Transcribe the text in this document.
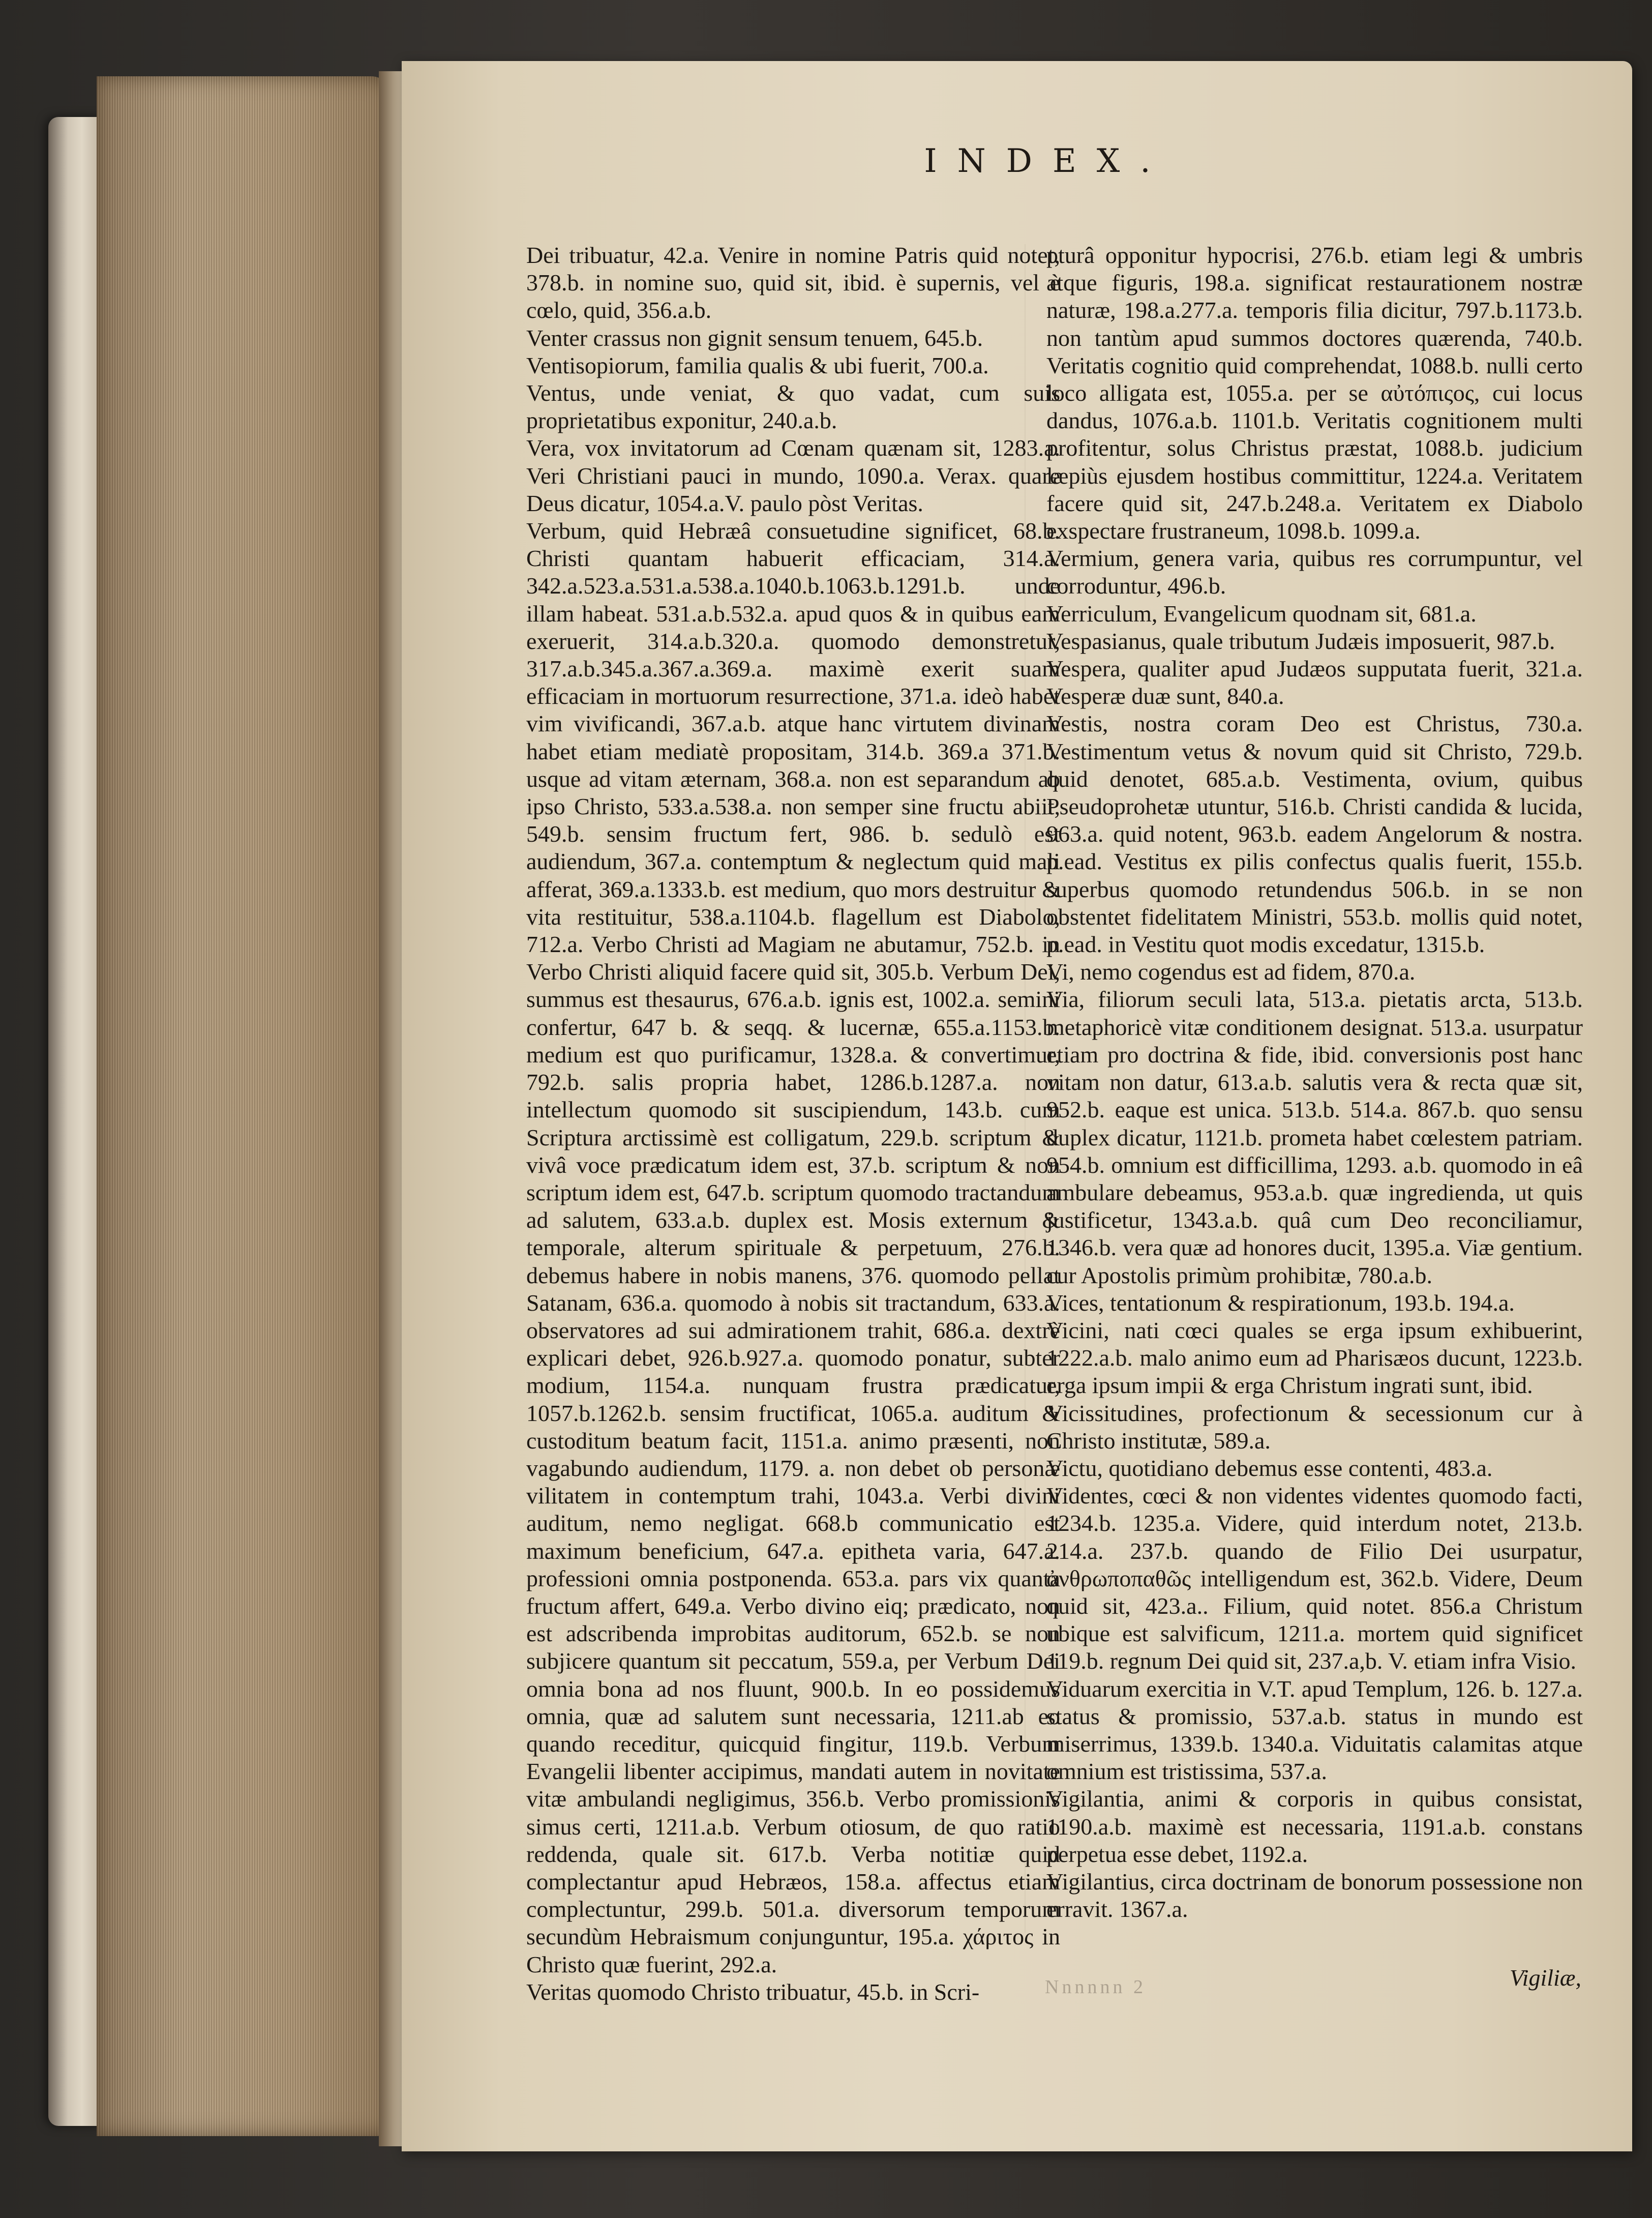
INDEX.

Dei tribuatur, 42.a. Venire in nomine Patris quid notet, 378.b. in nomine suo, quid sit, ibid. è supernis, vel è cœlo, quid, 356.a.b.

Venter crassus non gignit sensum tenuem, 645.b.

Ventisopiorum, familia qualis & ubi fuerit, 700.a.

Ventus, unde veniat, & quo vadat, cum suis proprietatibus exponitur, 240.a.b.

Vera, vox invitatorum ad Cœnam quænam sit, 1283.a. Veri Christiani pauci in mundo, 1090.a. Verax. quare Deus dicatur, 1054.a.V. paulo pòst Veritas.

Verbum, quid Hebræâ consuetudine significet, 68.b. Christi quantam habuerit efficaciam, 314.a. 342.a.523.a.531.a.538.a.1040.b.1063.b.1291.b. unde illam habeat. 531.a.b.532.a. apud quos & in quibus eam exeruerit, 314.a.b.320.a. quomodo demonstretur, 317.a.b.345.a.367.a.369.a. maximè exerit suam efficaciam in mortuorum resurrectione, 371.a. ideò habet vim vivificandi, 367.a.b. atque hanc virtutem divinam habet etiam mediatè propositam, 314.b. 369.a 371.b. usque ad vitam æternam, 368.a. non est separandum ab ipso Christo, 533.a.538.a. non semper sine fructu abiit, 549.b. sensim fructum fert, 986. b. sedulò est audiendum, 367.a. contemptum & neglectum quid mali afferat, 369.a.1333.b. est medium, quo mors destruitur & vita restituitur, 538.a.1104.b. flagellum est Diabolo, 712.a. Verbo Christi ad Magiam ne abutamur, 752.b. in Verbo Christi aliquid facere quid sit, 305.b. Verbum Dei, summus est thesaurus, 676.a.b. ignis est, 1002.a. semini confertur, 647 b. & seqq. & lucernæ, 655.a.1153.b. medium est quo purificamur, 1328.a. & convertimur, 792.b. salis propria habet, 1286.b.1287.a. non intellectum quomodo sit suscipiendum, 143.b. cum Scriptura arctissimè est colligatum, 229.b. scriptum & vivâ voce prædicatum idem est, 37.b. scriptum & non scriptum idem est, 647.b. scriptum quomodo tractandum ad salutem, 633.a.b. duplex est. Mosis externum & temporale, alterum spirituale & perpetuum, 276.b. debemus habere in nobis manens, 376. quomodo pellat Satanam, 636.a. quomodo à nobis sit tractandum, 633.a. observatores ad sui admirationem trahit, 686.a. dextrè explicari debet, 926.b.927.a. quomodo ponatur, subter modium, 1154.a. nunquam frustra prædicatur, 1057.b.1262.b. sensim fructificat, 1065.a. auditum & custoditum beatum facit, 1151.a. animo præsenti, non vagabundo audiendum, 1179. a. non debet ob personæ vilitatem in contemptum trahi, 1043.a. Verbi divini auditum, nemo negligat. 668.b communicatio est maximum beneficium, 647.a. epitheta varia, 647.a. professioni omnia postponenda. 653.a. pars vix quanta fructum affert, 649.a. Verbo divino eiq; prædicato, non est adscribenda improbitas auditorum, 652.b. se non subjicere quantum sit peccatum, 559.a, per Verbum Dei omnia bona ad nos fluunt, 900.b. In eo possidemus omnia, quæ ad salutem sunt necessaria, 1211.ab eo quando receditur, quicquid fingitur, 119.b. Verbum Evangelii libenter accipimus, mandati autem in novitate vitæ ambulandi negligimus, 356.b. Verbo promissionis simus certi, 1211.a.b. Verbum otiosum, de quo ratio reddenda, quale sit. 617.b. Verba notitiæ quid complectantur apud Hebræos, 158.a. affectus etiam complectuntur, 299.b. 501.a. diversorum temporum secundùm Hebraismum conjunguntur, 195.a. χάριτος in Christo quæ fuerint, 292.a.

Veritas quomodo Christo tribuatur, 45.b. in Scri-

pturâ opponitur hypocrisi, 276.b. etiam legi & umbris atque figuris, 198.a. significat restaurationem nostræ naturæ, 198.a.277.a. temporis filia dicitur, 797.b.1173.b. non tantùm apud summos doctores quærenda, 740.b. Veritatis cognitio quid comprehendat, 1088.b. nulli certo loco alligata est, 1055.a. per se αὐτόπιςος, cui locus dandus, 1076.a.b. 1101.b. Veritatis cognitionem multi profitentur, solus Christus præstat, 1088.b. judicium læpiùs ejusdem hostibus committitur, 1224.a. Veritatem facere quid sit, 247.b.248.a. Veritatem ex Diabolo exspectare frustraneum, 1098.b. 1099.a.

Vermium, genera varia, quibus res corrumpuntur, vel corroduntur, 496.b.

Verriculum, Evangelicum quodnam sit, 681.a.

Vespasianus, quale tributum Judæis imposuerit, 987.b.

Vespera, qualiter apud Judæos supputata fuerit, 321.a. Vesperæ duæ sunt, 840.a.

Vestis, nostra coram Deo est Christus, 730.a. Vestimentum vetus & novum quid sit Christo, 729.b. quid denotet, 685.a.b. Vestimenta, ovium, quibus Pseudoprohetæ utuntur, 516.b. Christi candida & lucida, 963.a. quid notent, 963.b. eadem Angelorum & nostra. p.ead. Vestitus ex pilis confectus qualis fuerit, 155.b. superbus quomodo retundendus 506.b. in se non obstentet fidelitatem Ministri, 553.b. mollis quid notet, p.ead. in Vestitu quot modis excedatur, 1315.b.

Vi, nemo cogendus est ad fidem, 870.a.

Via, filiorum seculi lata, 513.a. pietatis arcta, 513.b. metaphoricè vitæ conditionem designat. 513.a. usurpatur etiam pro doctrina & fide, ibid. conversionis post hanc vitam non datur, 613.a.b. salutis vera & recta quæ sit, 952.b. eaque est unica. 513.b. 514.a. 867.b. quo sensu duplex dicatur, 1121.b. prometa habet cœlestem patriam. 954.b. omnium est difficillima, 1293. a.b. quomodo in eâ ambulare debeamus, 953.a.b. quæ ingredienda, ut quis justificetur, 1343.a.b. quâ cum Deo reconciliamur, 1346.b. vera quæ ad honores ducit, 1395.a. Viæ gentium. cur Apostolis primùm prohibitæ, 780.a.b.

Vices, tentationum & respirationum, 193.b. 194.a.

Vicini, nati cœci quales se erga ipsum exhibuerint, 1222.a.b. malo animo eum ad Pharisæos ducunt, 1223.b. erga ipsum impii & erga Christum ingrati sunt, ibid.

Vicissitudines, profectionum & secessionum cur à Christo institutæ, 589.a.

Victu, quotidiano debemus esse contenti, 483.a.

Videntes, cœci & non videntes videntes quomodo facti, 1234.b. 1235.a. Videre, quid interdum notet, 213.b. 214.a. 237.b. quando de Filio Dei usurpatur, ἀνθρωποπαθῶς intelligendum est, 362.b. Videre, Deum quid sit, 423.a.. Filium, quid notet. 856.a Christum ubique est salvificum, 1211.a. mortem quid significet 119.b. regnum Dei quid sit, 237.a,b. V. etiam infra Visio.

Viduarum exercitia in V.T. apud Templum, 126. b. 127.a. status & promissio, 537.a.b. status in mundo est miserrimus, 1339.b. 1340.a. Viduitatis calamitas atque omnium est tristissima, 537.a.

Vigilantia, animi & corporis in quibus consistat, 1190.a.b. maximè est necessaria, 1191.a.b. constans perpetua esse debet, 1192.a.

Vigilantius, circa doctrinam de bonorum possessione non erravit. 1367.a.

Nnnnnn 2	Vigiliæ,
